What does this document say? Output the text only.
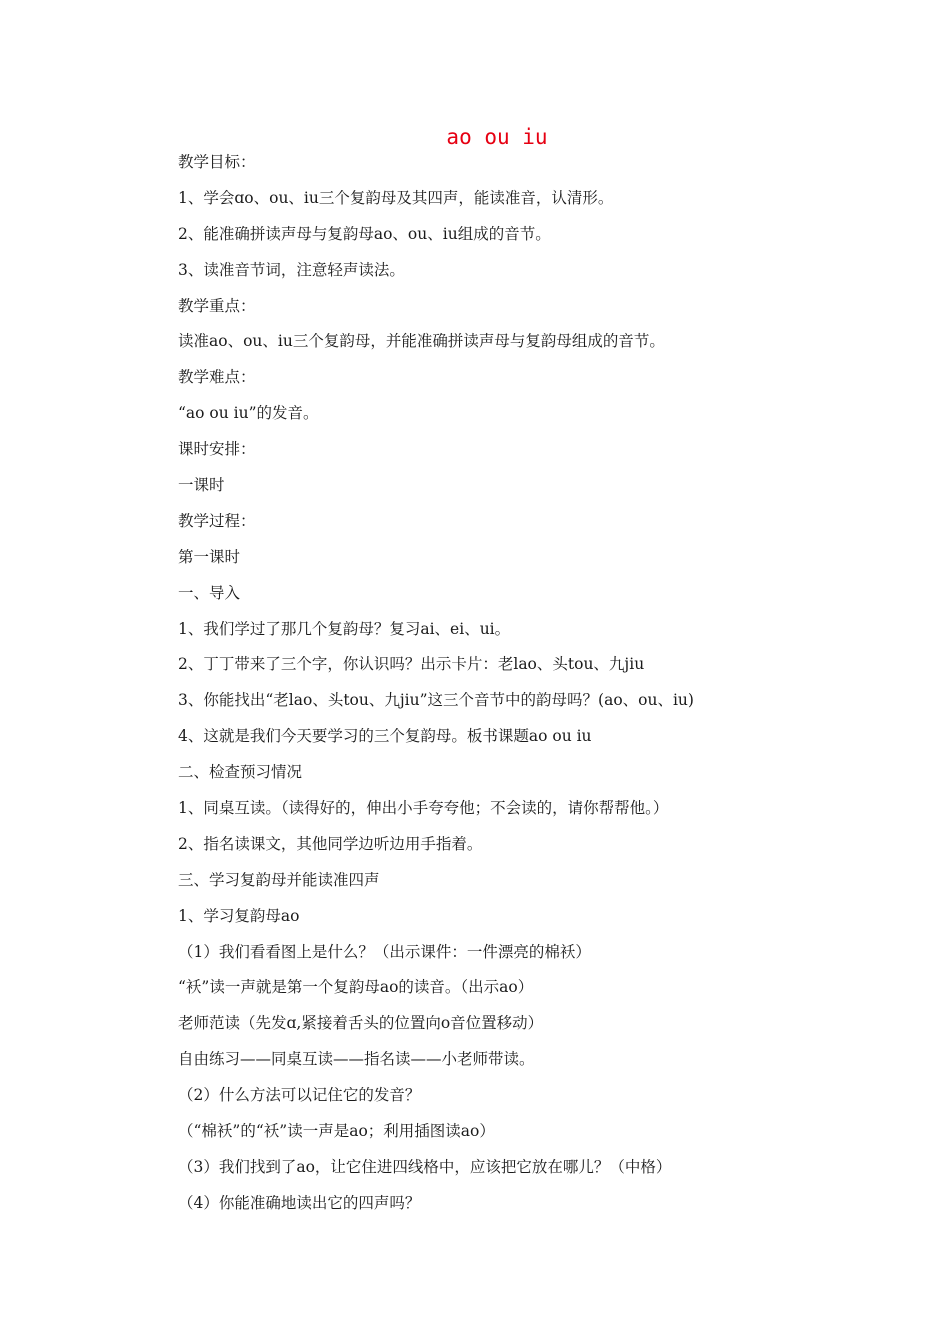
ao ou iu
教学目标：
1、学会ɑo、ou、iu三个复韵母及其四声，能读准音，认清形。
2、能准确拼读声母与复韵母ao、ou、iu组成的音节。
3、读准音节词，注意轻声读法。
教学重点：
读准ao、ou、iu三个复韵母，并能准确拼读声母与复韵母组成的音节。
教学难点：
“ao ou iu”的发音。
课时安排：
一课时
教学过程：
第一课时
一、导入
1、我们学过了那几个复韵母？复习ai、ei、ui。
2、丁丁带来了三个字，你认识吗？出示卡片：老lao、头tou、九jiu
3、你能找出“老lao、头tou、九jiu”这三个音节中的韵母吗？(ao、ou、iu)
4、这就是我们今天要学习的三个复韵母。板书课题ao ou iu
二、检查预习情况
1、同桌互读。（读得好的，伸出小手夸夸他；不会读的，请你帮帮他。）
2、指名读课文，其他同学边听边用手指着。
三、学习复韵母并能读准四声
1、学习复韵母ao
（1）我们看看图上是什么？（出示课件：一件漂亮的棉袄）
“袄”读一声就是第一个复韵母ao的读音。（出示ao）
老师范读（先发ɑ,紧接着舌头的位置向o音位置移动）
自由练习——同桌互读——指名读——小老师带读。
（2）什么方法可以记住它的发音？
（“棉袄”的“袄”读一声是ao；利用插图读ao）
（3）我们找到了ao，让它住进四线格中，应该把它放在哪儿？（中格）
（4）你能准确地读出它的四声吗？
